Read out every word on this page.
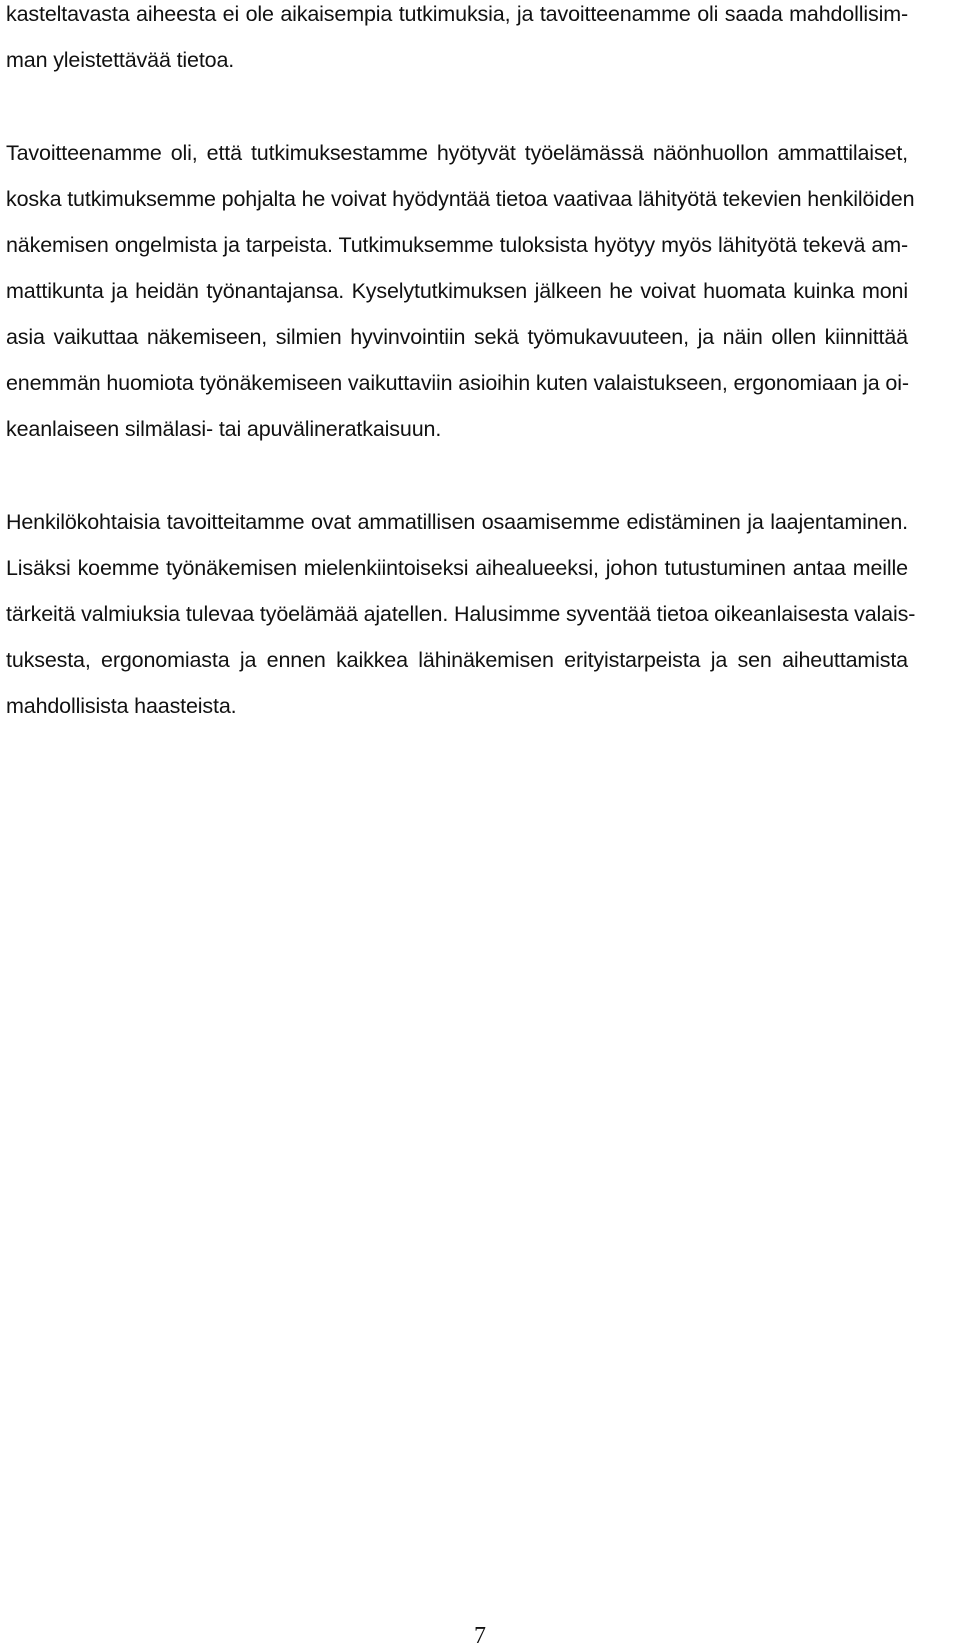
kasteltavasta aiheesta ei ole aikaisempia tutkimuksia, ja tavoitteenamme oli saada mahdollisim-
man yleistettävää tietoa.
Tavoitteenamme oli, että tutkimuksestamme hyötyvät työelämässä näönhuollon ammattilaiset,
koska tutkimuksemme pohjalta he voivat hyödyntää tietoa vaativaa lähityötä tekevien henkilöiden
näkemisen ongelmista ja tarpeista. Tutkimuksemme tuloksista hyötyy myös lähityötä tekevä am-
mattikunta ja heidän työnantajansa. Kyselytutkimuksen jälkeen he voivat huomata kuinka moni
asia vaikuttaa näkemiseen, silmien hyvinvointiin sekä työmukavuuteen, ja näin ollen kiinnittää
enemmän huomiota työnäkemiseen vaikuttaviin asioihin kuten valaistukseen, ergonomiaan ja oi-
keanlaiseen silmälasi- tai apuvälineratkaisuun.
Henkilökohtaisia tavoitteitamme ovat ammatillisen osaamisemme edistäminen ja laajentaminen.
Lisäksi koemme työnäkemisen mielenkiintoiseksi aihealueeksi, johon tutustuminen antaa meille
tärkeitä valmiuksia tulevaa työelämää ajatellen. Halusimme syventää tietoa oikeanlaisesta valais-
tuksesta, ergonomiasta ja ennen kaikkea lähinäkemisen erityistarpeista ja sen aiheuttamista
mahdollisista haasteista.
7
